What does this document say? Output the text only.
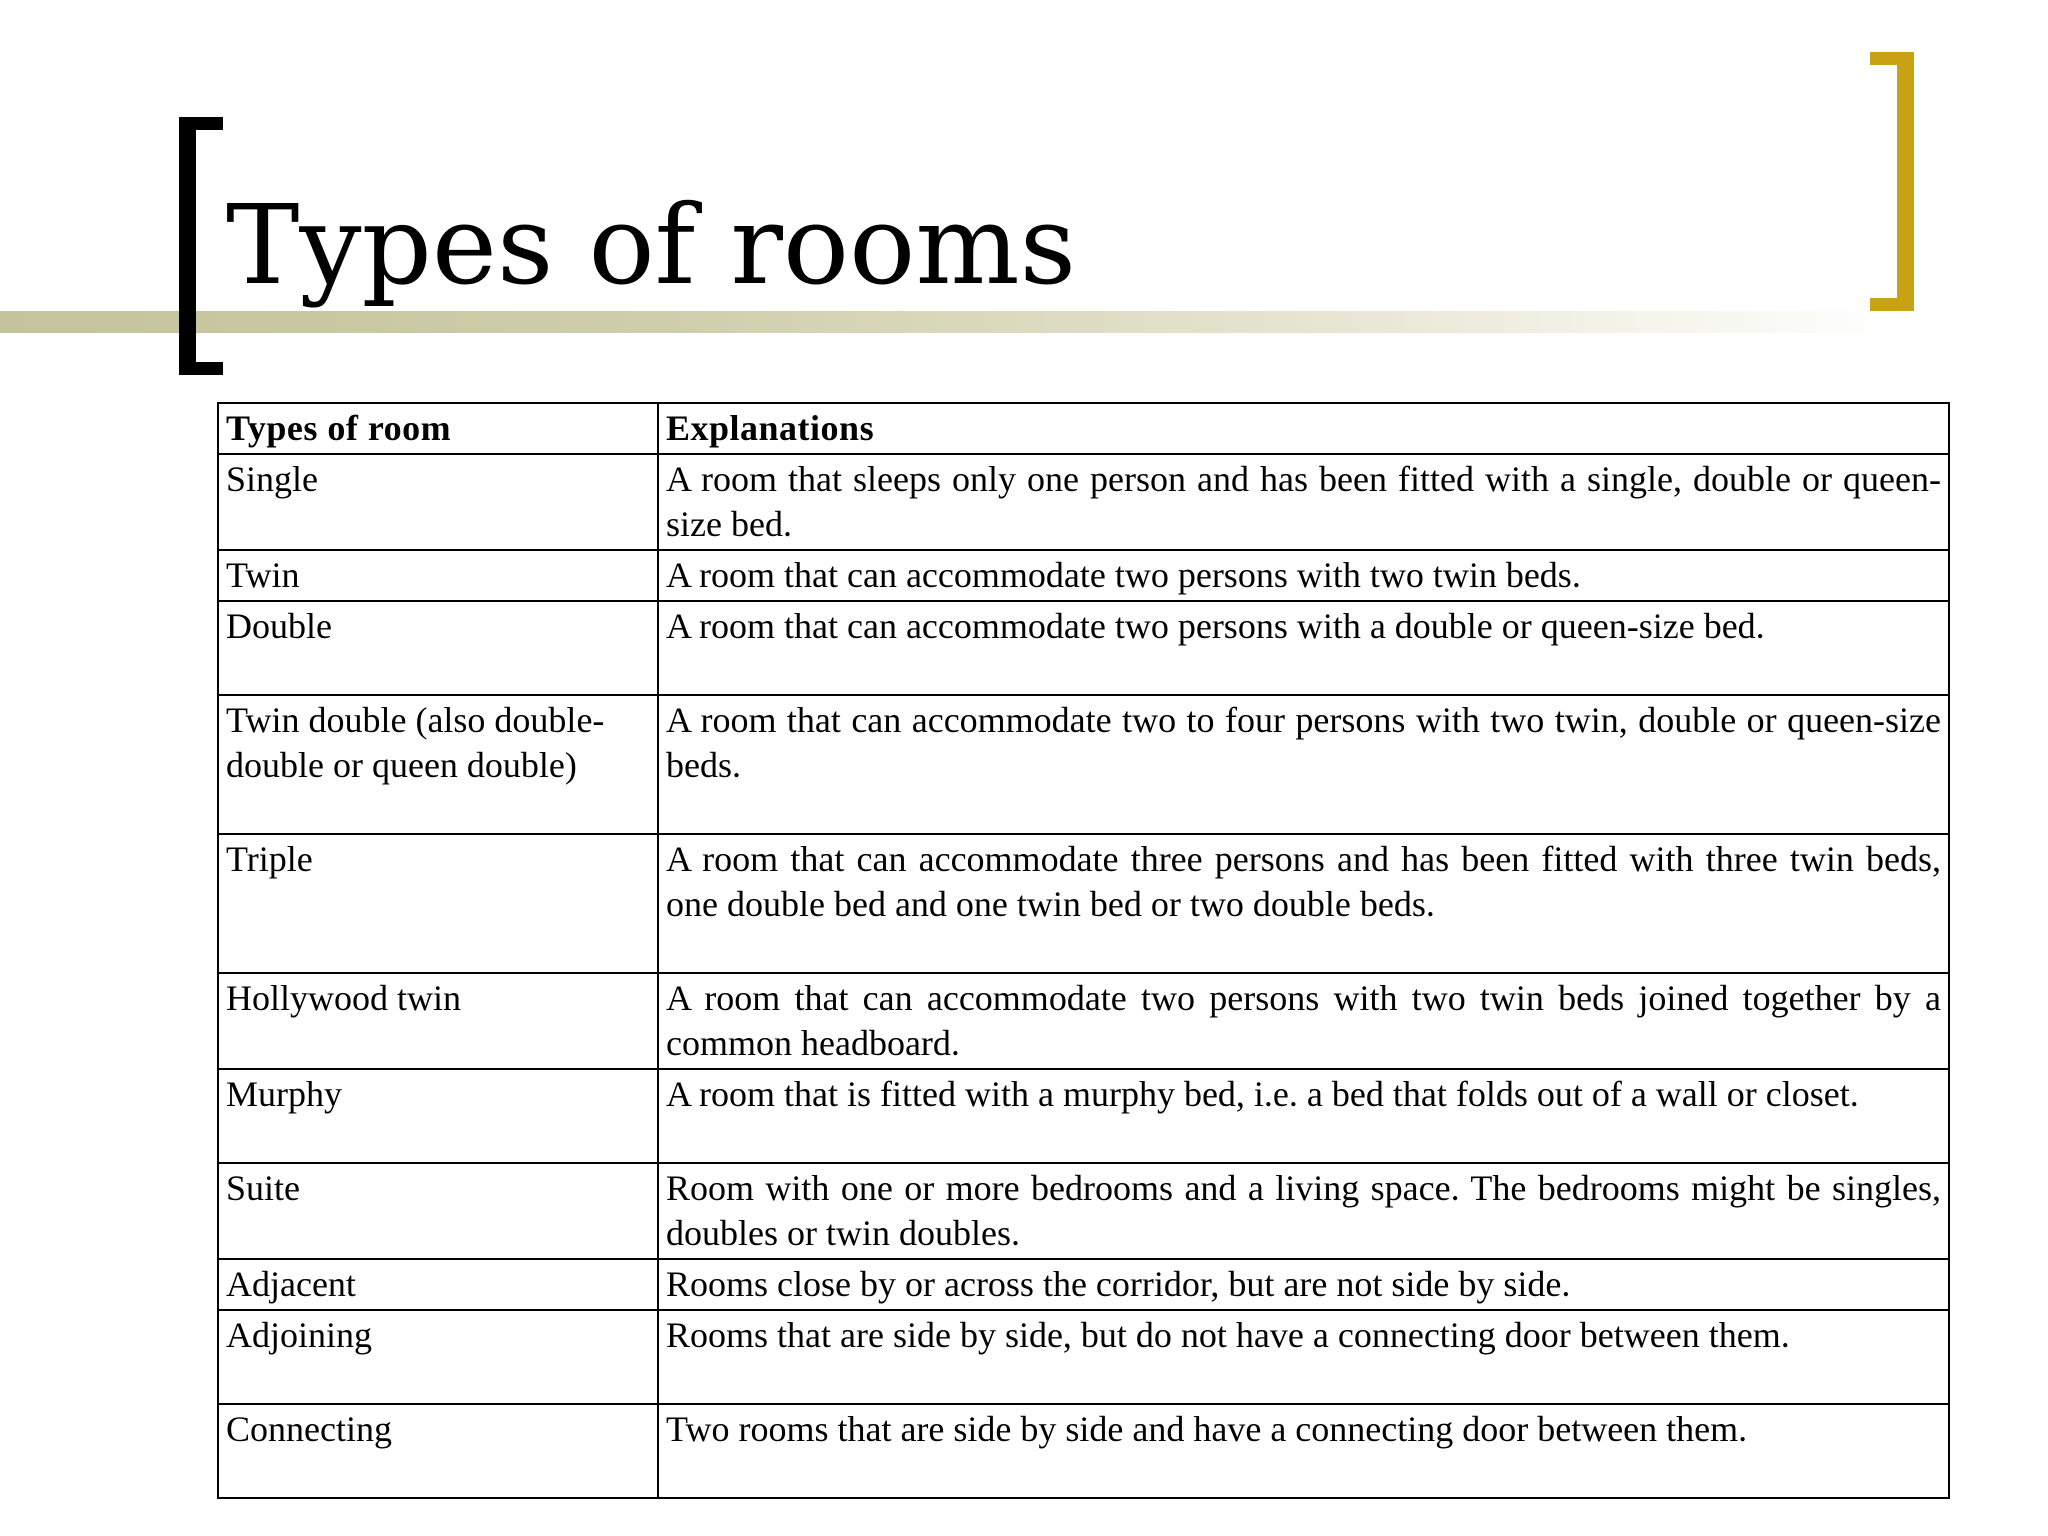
Types of rooms
Types of room	Explanations
Single	A room that sleeps only one person and has been fitted with a single, double or queen-size bed.
Twin	A room that can accommodate two persons with two twin beds.
Double	A room that can accommodate two persons with a double or queen-size bed.
Twin double (also double-double or queen double)	A room that can accommodate two to four persons with two twin, double or queen-size beds.
Triple	A room that can accommodate three persons and has been fitted with three twin beds, one double bed and one twin bed or two double beds.
Hollywood twin	A room that can accommodate two persons with two twin beds joined together by a common headboard.
Murphy	A room that is fitted with a murphy bed, i.e. a bed that folds out of a wall or closet.
Suite	Room with one or more bedrooms and a living space. The bedrooms might be singles, doubles or twin doubles.
Adjacent	Rooms close by or across the corridor, but are not side by side.
Adjoining	Rooms that are side by side, but do not have a connecting door between them.
Connecting	Two rooms that are side by side and have a connecting door between them.
